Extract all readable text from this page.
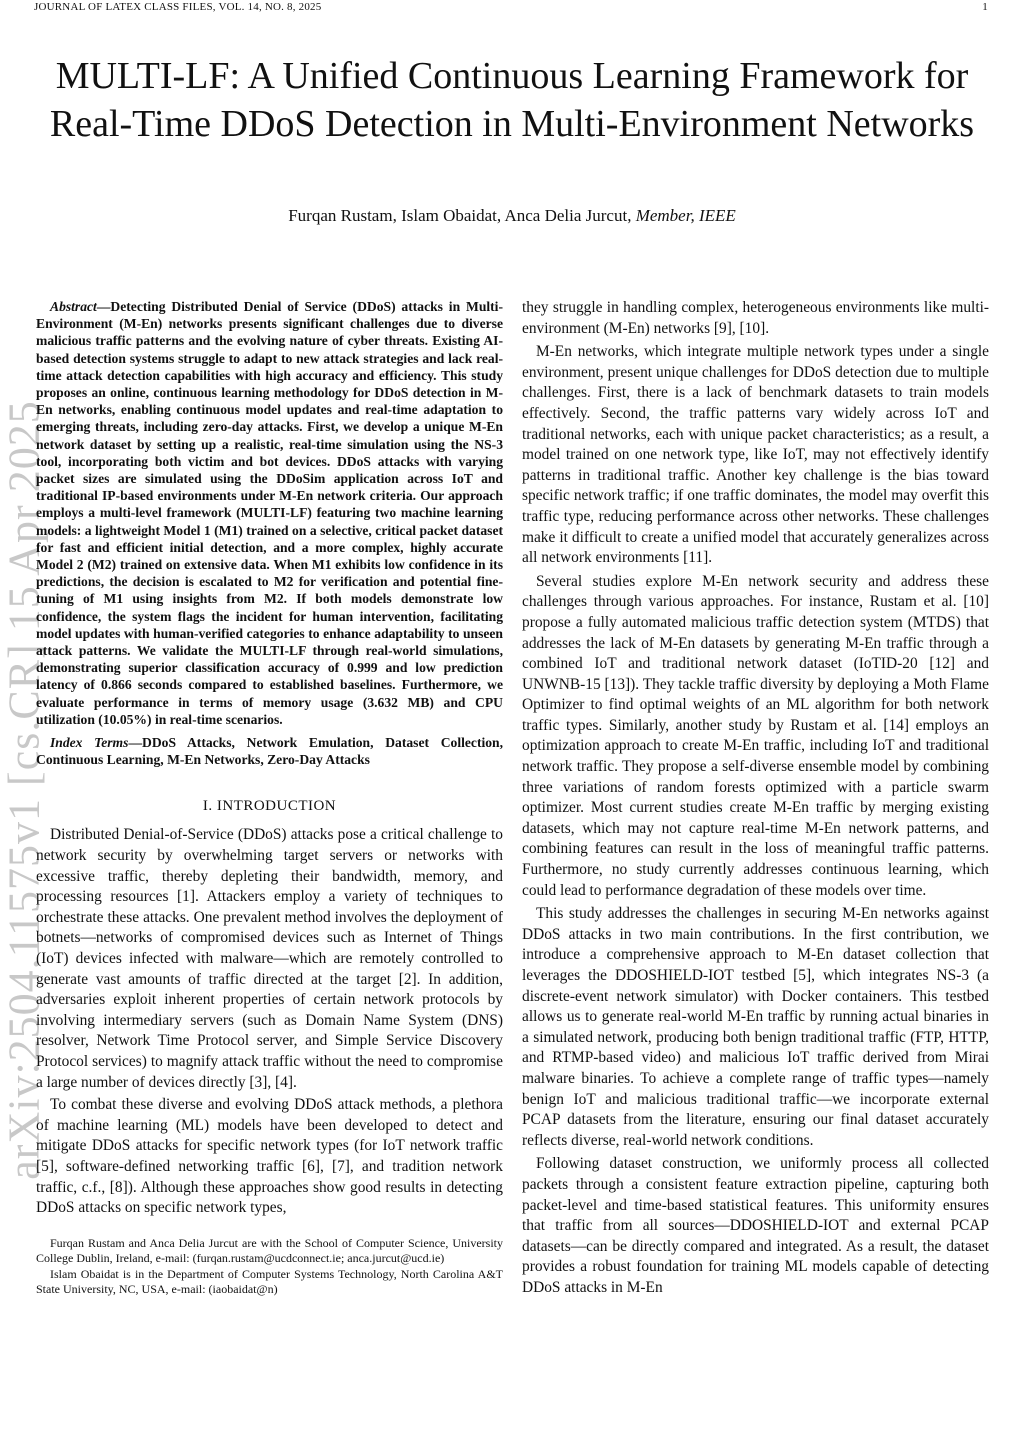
JOURNAL OF LATEX CLASS FILES, VOL. 14, NO. 8, 2025	1
arXiv:2504.11575v1 [cs.CR] 15 Apr 2025
MULTI-LF: A Unified Continuous Learning Framework for Real-Time DDoS Detection in Multi-Environment Networks
Furqan Rustam, Islam Obaidat, Anca Delia Jurcut, Member, IEEE

Abstract—Detecting Distributed Denial of Service (DDoS) attacks in Multi-Environment (M-En) networks presents significant challenges due to diverse malicious traffic patterns and the evolving nature of cyber threats. Existing AI-based detection systems struggle to adapt to new attack strategies and lack real-time attack detection capabilities with high accuracy and efficiency. This study proposes an online, continuous learning methodology for DDoS detection in M-En networks, enabling continuous model updates and real-time adaptation to emerging threats, including zero-day attacks. First, we develop a unique M-En network dataset by setting up a realistic, real-time simulation using the NS-3 tool, incorporating both victim and bot devices. DDoS attacks with varying packet sizes are simulated using the DDoSim application across IoT and traditional IP-based environments under M-En network criteria. Our approach employs a multi-level framework (MULTI-LF) featuring two machine learning models: a lightweight Model 1 (M1) trained on a selective, critical packet dataset for fast and efficient initial detection, and a more complex, highly accurate Model 2 (M2) trained on extensive data. When M1 exhibits low confidence in its predictions, the decision is escalated to M2 for verification and potential fine-tuning of M1 using insights from M2. If both models demonstrate low confidence, the system flags the incident for human intervention, facilitating model updates with human-verified categories to enhance adaptability to unseen attack patterns. We validate the MULTI-LF through real-world simulations, demonstrating superior classification accuracy of 0.999 and low prediction latency of 0.866 seconds compared to established baselines. Furthermore, we evaluate performance in terms of memory usage (3.632 MB) and CPU utilization (10.05%) in real-time scenarios.

Index Terms—DDoS Attacks, Network Emulation, Dataset Collection, Continuous Learning, M-En Networks, Zero-Day Attacks

I. INTRODUCTION

Distributed Denial-of-Service (DDoS) attacks pose a critical challenge to network security by overwhelming target servers or networks with excessive traffic, thereby depleting their bandwidth, memory, and processing resources [1]. Attackers employ a variety of techniques to orchestrate these attacks. One prevalent method involves the deployment of botnets—networks of compromised devices such as Internet of Things (IoT) devices infected with malware—which are remotely controlled to generate vast amounts of traffic directed at the target [2]. In addition, adversaries exploit inherent properties of certain network protocols by involving intermediary servers (such as Domain Name System (DNS) resolver, Network Time Protocol server, and Simple Service Discovery Protocol services) to magnify attack traffic without the need to compromise a large number of devices directly [3], [4].

To combat these diverse and evolving DDoS attack methods, a plethora of machine learning (ML) models have been developed to detect and mitigate DDoS attacks for specific network types (for IoT network traffic [5], software-defined networking traffic [6], [7], and tradition network traffic, c.f., [8]). Although these approaches show good results in detecting DDoS attacks on specific network types,

Furqan Rustam and Anca Delia Jurcut are with the School of Computer Science, University College Dublin, Ireland, e-mail: (furqan.rustam@ucdconnect.ie; anca.jurcut@ucd.ie)

Islam Obaidat is in the Department of Computer Systems Technology, North Carolina A&T State University, NC, USA, e-mail: (iaobaidat@n)

they struggle in handling complex, heterogeneous environments like multi-environment (M-En) networks [9], [10].

M-En networks, which integrate multiple network types under a single environment, present unique challenges for DDoS detection due to multiple challenges. First, there is a lack of benchmark datasets to train models effectively. Second, the traffic patterns vary widely across IoT and traditional networks, each with unique packet characteristics; as a result, a model trained on one network type, like IoT, may not effectively identify patterns in traditional traffic. Another key challenge is the bias toward specific network traffic; if one traffic dominates, the model may overfit this traffic type, reducing performance across other networks. These challenges make it difficult to create a unified model that accurately generalizes across all network environments [11].

Several studies explore M-En network security and address these challenges through various approaches. For instance, Rustam et al. [10] propose a fully automated malicious traffic detection system (MTDS) that addresses the lack of M-En datasets by generating M-En traffic through a combined IoT and traditional network dataset (IoTID-20 [12] and UNWNB-15 [13]). They tackle traffic diversity by deploying a Moth Flame Optimizer to find optimal weights of an ML algorithm for both network traffic types. Similarly, another study by Rustam et al. [14] employs an optimization approach to create M-En traffic, including IoT and traditional network traffic. They propose a self-diverse ensemble model by combining three variations of random forests optimized with a particle swarm optimizer. Most current studies create M-En traffic by merging existing datasets, which may not capture real-time M-En network patterns, and combining features can result in the loss of meaningful traffic patterns. Furthermore, no study currently addresses continuous learning, which could lead to performance degradation of these models over time.

This study addresses the challenges in securing M-En networks against DDoS attacks in two main contributions. In the first contribution, we introduce a comprehensive approach to M-En dataset collection that leverages the DDOSHIELD-IOT testbed [5], which integrates NS-3 (a discrete-event network simulator) with Docker containers. This testbed allows us to generate real-world M-En traffic by running actual binaries in a simulated network, producing both benign traditional traffic (FTP, HTTP, and RTMP-based video) and malicious IoT traffic derived from Mirai malware binaries. To achieve a complete range of traffic types—namely benign IoT and malicious traditional traffic—we incorporate external PCAP datasets from the literature, ensuring our final dataset accurately reflects diverse, real-world network conditions.

Following dataset construction, we uniformly process all collected packets through a consistent feature extraction pipeline, capturing both packet-level and time-based statistical features. This uniformity ensures that traffic from all sources—DDOSHIELD-IOT and external PCAP datasets—can be directly compared and integrated. As a result, the dataset provides a robust foundation for training ML models capable of detecting DDoS attacks in M-En
